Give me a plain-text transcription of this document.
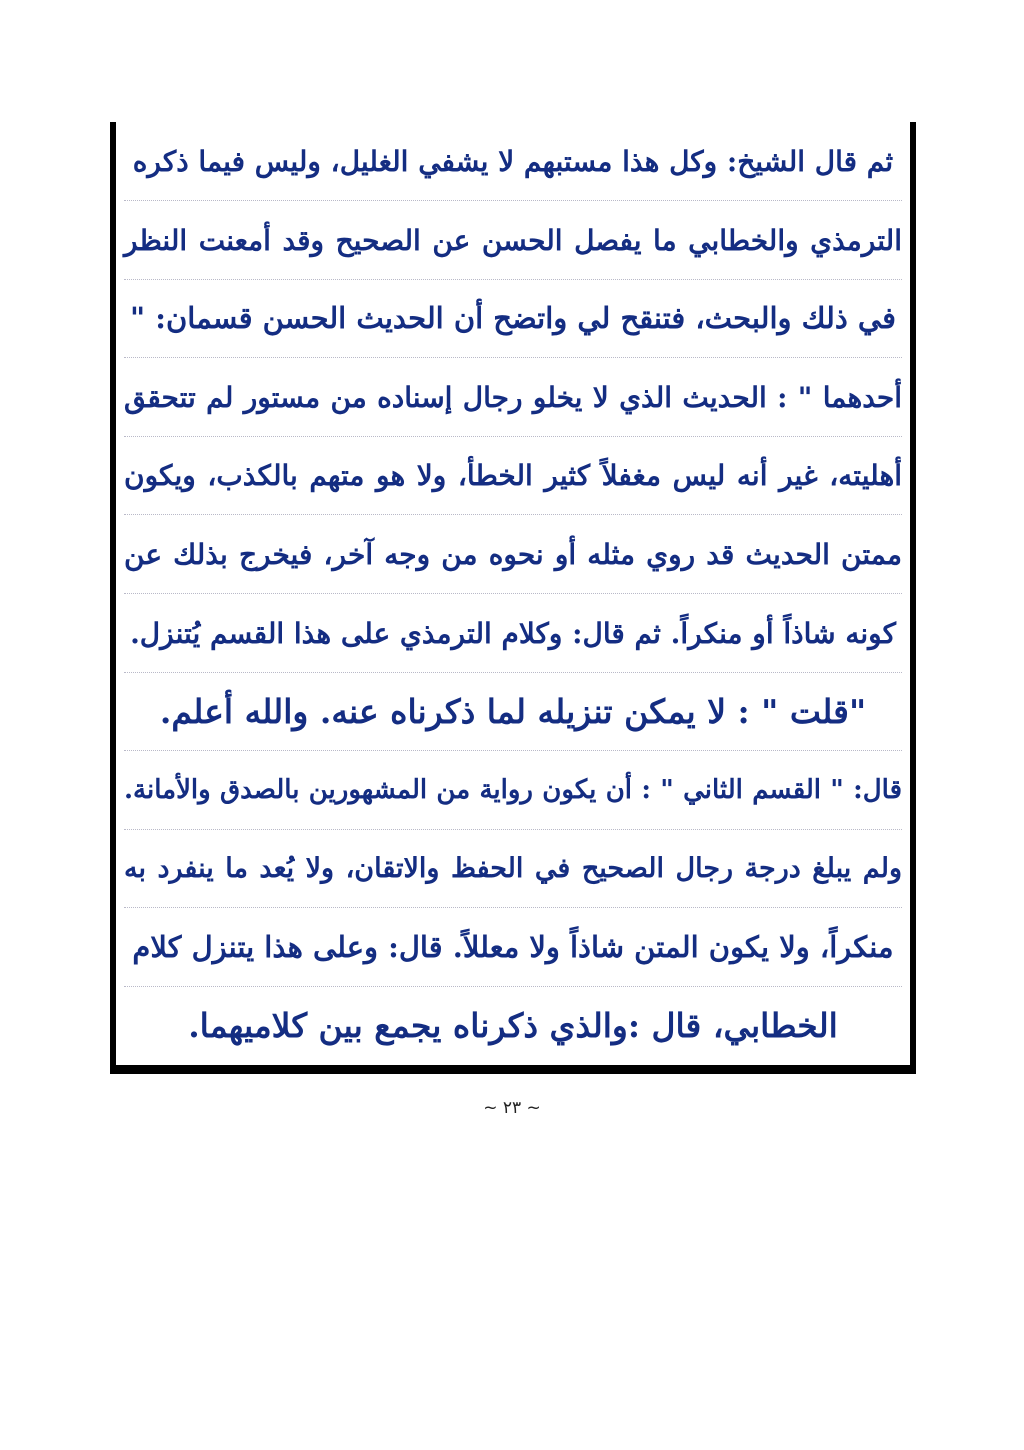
ثم قال الشيخ: وكل هذا مستبهم لا يشفي الغليل، وليس فيما ذكره
الترمذي والخطابي ما يفصل الحسن عن الصحيح وقد أمعنت النظر
في ذلك والبحث، فتنقح لي واتضح أن الحديث الحسن قسمان: "
أحدهما " : الحديث الذي لا يخلو رجال إسناده من مستور لم تتحقق
أهليته، غير أنه ليس مغفلاً كثير الخطأ، ولا هو متهم بالكذب، ويكون
ممتن الحديث قد روي مثله أو نحوه من وجه آخر، فيخرج بذلك عن
كونه شاذاً أو منكراً. ثم قال: وكلام الترمذي على هذا القسم يُتنزل.
"قلت " : لا يمكن تنزيله لما ذكرناه عنه. والله أعلم.
قال: " القسم الثاني " : أن يكون رواية من المشهورين بالصدق والأمانة.
ولم يبلغ درجة رجال الصحيح في الحفظ والاتقان، ولا يُعد ما ينفرد به
منكراً، ولا يكون المتن شاذاً ولا معللاً. قال: وعلى هذا يتنزل كلام
الخطابي، قال :والذي ذكرناه يجمع بين كلاميهما.
~ ٢٣ ~
